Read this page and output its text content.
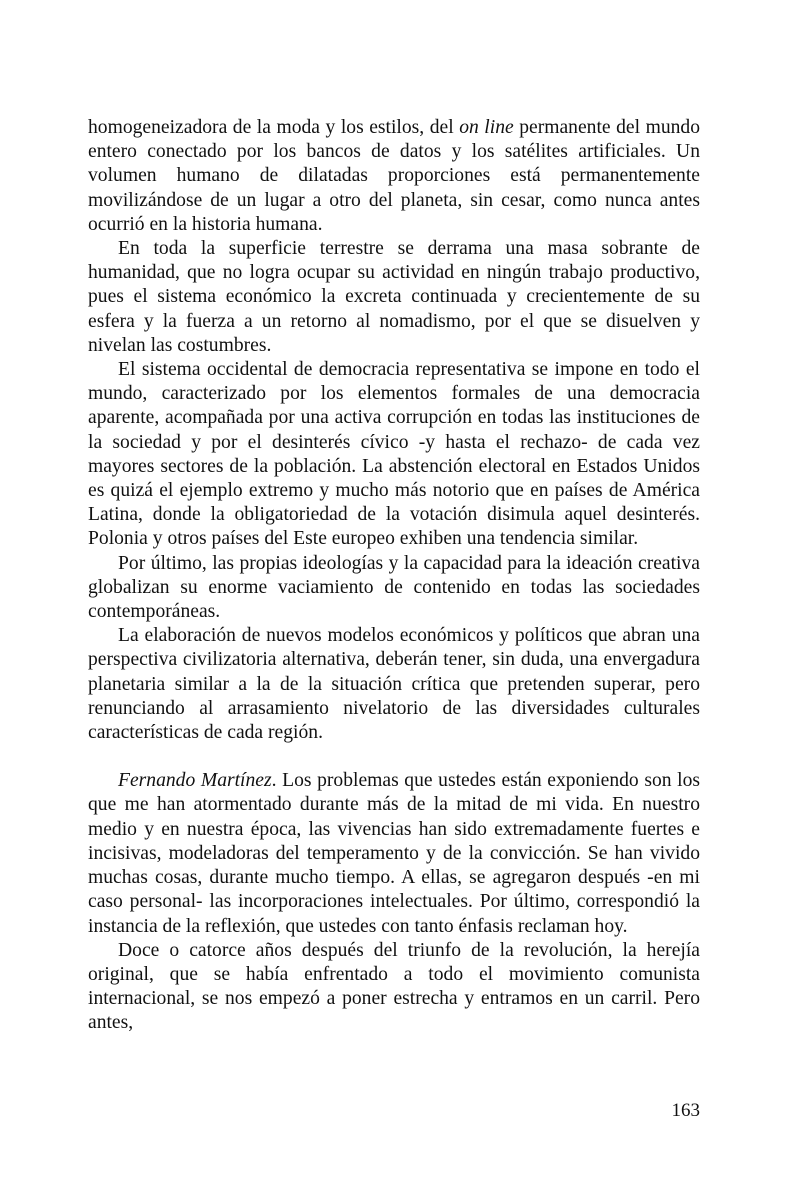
homogeneizadora de la moda y los estilos, del on line permanente del mundo entero conectado por los bancos de datos y los satélites artificiales. Un volumen humano de dilatadas proporciones está permanentemente movilizándose de un lugar a otro del planeta, sin cesar, como nunca antes ocurrió en la historia humana.

En toda la superficie terrestre se derrama una masa sobrante de humanidad, que no logra ocupar su actividad en ningún trabajo productivo, pues el sistema económico la excreta continuada y crecientemente de su esfera y la fuerza a un retorno al nomadismo, por el que se disuelven y nivelan las costumbres.

El sistema occidental de democracia representativa se impone en todo el mundo, caracterizado por los elementos formales de una democracia aparente, acompañada por una activa corrupción en todas las instituciones de la sociedad y por el desinterés cívico -y hasta el rechazo- de cada vez mayores sectores de la población. La abstención electoral en Estados Unidos es quizá el ejemplo extremo y mucho más notorio que en países de América Latina, donde la obligatoriedad de la votación disimula aquel desinterés. Polonia y otros países del Este europeo exhiben una tendencia similar.

Por último, las propias ideologías y la capacidad para la ideación creativa globalizan su enorme vaciamiento de contenido en todas las sociedades contemporáneas.

La elaboración de nuevos modelos económicos y políticos que abran una perspectiva civilizatoria alternativa, deberán tener, sin duda, una envergadura planetaria similar a la de la situación crítica que pretenden superar, pero renunciando al arrasamiento nivelatorio de las diversidades culturales características de cada región.

Fernando Martínez. Los problemas que ustedes están exponiendo son los que me han atormentado durante más de la mitad de mi vida. En nuestro medio y en nuestra época, las vivencias han sido extremadamente fuertes e incisivas, modeladoras del temperamento y de la convicción. Se han vivido muchas cosas, durante mucho tiempo. A ellas, se agregaron después -en mi caso personal- las incorporaciones intelectuales. Por último, correspondió la instancia de la reflexión, que ustedes con tanto énfasis reclaman hoy.

Doce o catorce años después del triunfo de la revolución, la herejía original, que se había enfrentado a todo el movimiento comunista internacional, se nos empezó a poner estrecha y entramos en un carril. Pero antes,

163
